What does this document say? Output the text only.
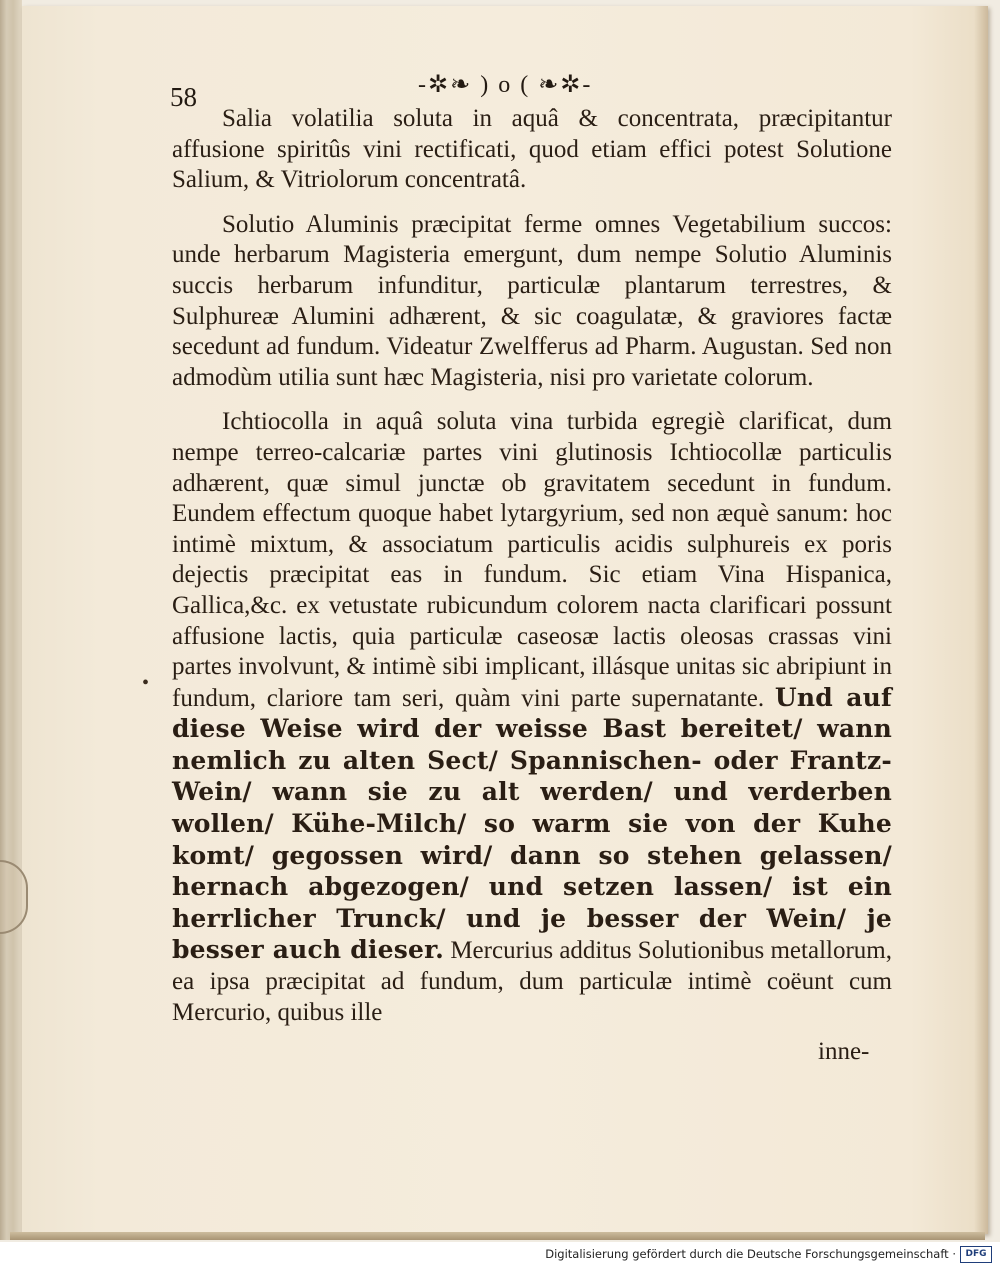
58	-✲❧ ) o ( ❧✲-
•

Salia volatilia soluta in aquâ & concentrata, præcipitantur affusione spiritûs vini rectificati, quod etiam effici potest Solutione Salium, & Vitriolorum concentratâ.

Solutio Aluminis præcipitat ferme omnes Vegetabilium succos: unde herbarum Magisteria emergunt, dum nempe Solutio Aluminis succis herbarum infunditur, particulæ plantarum terrestres, & Sulphureæ Alumini adhærent, & sic coagulatæ, & graviores factæ secedunt ad fundum. Videatur Zwelfferus ad Pharm. Augustan. Sed non admodùm utilia sunt hæc Magisteria, nisi pro varietate colorum.

Ichtiocolla in aquâ soluta vina turbida egregiè clarificat, dum nempe terreo-calcariæ partes vini glutinosis Ichtiocollæ particulis adhærent, quæ simul junctæ ob gravitatem secedunt in fundum. Eundem effectum quoque habet lytargyrium, sed non æquè sanum: hoc intimè mixtum, & associatum particulis acidis sulphureis ex poris dejectis præcipitat eas in fundum. Sic etiam Vina Hispanica, Gallica,&c. ex vetustate rubicundum colorem nacta clarificari possunt affusione lactis, quia particulæ caseosæ lactis oleosas crassas vini partes involvunt, & intimè sibi implicant, illásque unitas sic abripiunt in fundum, clariore tam seri, quàm vini parte supernatante. Und auf diese Weise wird der weisse Bast bereitet/ wann nemlich zu alten Sect/ Spannischen- oder Frantz-Wein/ wann sie zu alt werden/ und verderben wollen/ Kühe-Milch/ so warm sie von der Kuhe komt/ gegossen wird/ dann so stehen gelassen/ hernach abgezogen/ und setzen lassen/ ist ein herrlicher Trunck/ und je besser der Wein/ je besser auch dieser. Mercurius additus Solutionibus metallorum, ea ipsa præcipitat ad fundum, dum particulæ intimè coëunt cum Mercurio, quibus ille

inne-
Digitalisierung gefördert durch die Deutsche Forschungsgemeinschaft ·	DFG
